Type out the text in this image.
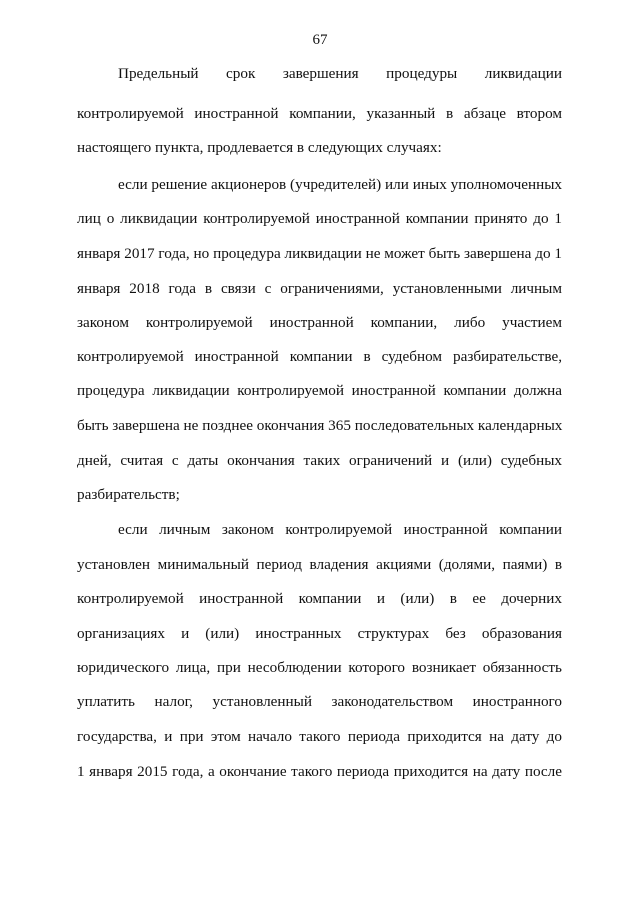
67
Предельный срок завершения процедуры ликвидации
контролируемой иностранной компании, указанный в абзаце втором
настоящего пункта, продлевается в следующих случаях:
если решение акционеров (учредителей) или иных уполномоченных
лиц о ликвидации контролируемой иностранной компании принято до 1
января 2017 года, но процедура ликвидации не может быть завершена до 1
января 2018 года в связи с ограничениями, установленными личным
законом контролируемой иностранной компании, либо участием
контролируемой иностранной компании в судебном разбирательстве,
процедура ликвидации контролируемой иностранной компании должна
быть завершена не позднее окончания 365 последовательных календарных
дней, считая с даты окончания таких ограничений и (или) судебных
разбирательств;
если личным законом контролируемой иностранной компании
установлен минимальный период владения акциями (долями, паями) в
контролируемой иностранной компании и (или) в ее дочерних
организациях и (или) иностранных структурах без образования
юридического лица, при несоблюдении которого возникает обязанность
уплатить налог, установленный законодательством иностранного
государства, и при этом начало такого периода приходится на дату до
1 января 2015 года, а окончание такого периода приходится на дату после
